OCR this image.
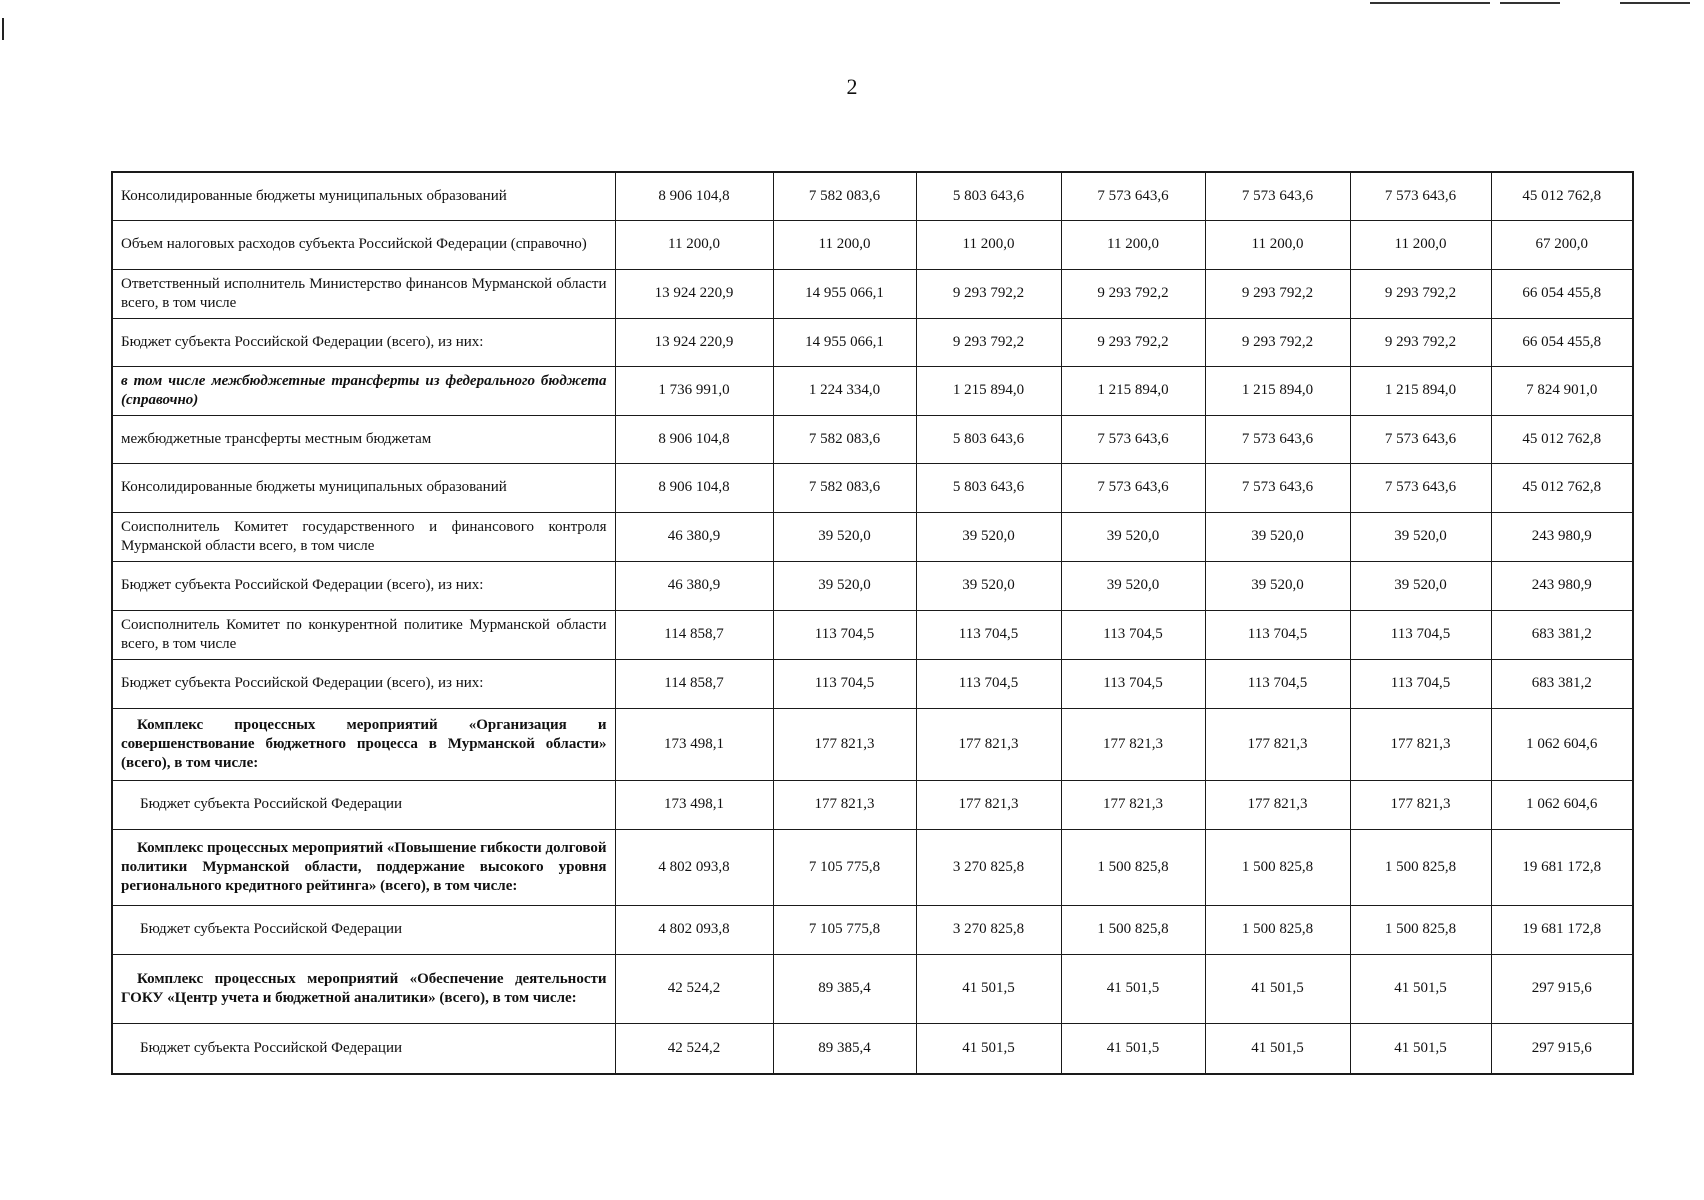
2
Консолидированные бюджеты муниципальных образований	8 906 104,8	7 582 083,6	5 803 643,6	7 573 643,6	7 573 643,6	7 573 643,6	45 012 762,8
Объем налоговых расходов субъекта Российской Федерации (справочно)	11 200,0	11 200,0	11 200,0	11 200,0	11 200,0	11 200,0	67 200,0
Ответственный исполнитель Министерство финансов Мурманской области всего, в том числе	13 924 220,9	14 955 066,1	9 293 792,2	9 293 792,2	9 293 792,2	9 293 792,2	66 054 455,8
Бюджет субъекта Российской Федерации (всего), из них:	13 924 220,9	14 955 066,1	9 293 792,2	9 293 792,2	9 293 792,2	9 293 792,2	66 054 455,8
в том числе межбюджетные трансферты из федерального бюджета (справочно)	1 736 991,0	1 224 334,0	1 215 894,0	1 215 894,0	1 215 894,0	1 215 894,0	7 824 901,0
межбюджетные трансферты местным бюджетам	8 906 104,8	7 582 083,6	5 803 643,6	7 573 643,6	7 573 643,6	7 573 643,6	45 012 762,8
Консолидированные бюджеты муниципальных образований	8 906 104,8	7 582 083,6	5 803 643,6	7 573 643,6	7 573 643,6	7 573 643,6	45 012 762,8
Соисполнитель Комитет государственного и финансового контроля Мурманской области всего, в том числе	46 380,9	39 520,0	39 520,0	39 520,0	39 520,0	39 520,0	243 980,9
Бюджет субъекта Российской Федерации (всего), из них:	46 380,9	39 520,0	39 520,0	39 520,0	39 520,0	39 520,0	243 980,9
Соисполнитель Комитет по конкурентной политике Мурманской области всего, в том числе	114 858,7	113 704,5	113 704,5	113 704,5	113 704,5	113 704,5	683 381,2
Бюджет субъекта Российской Федерации (всего), из них:	114 858,7	113 704,5	113 704,5	113 704,5	113 704,5	113 704,5	683 381,2
Комплекс процессных мероприятий «Организация и совершенствование бюджетного процесса в Мурманской области» (всего), в том числе:	173 498,1	177 821,3	177 821,3	177 821,3	177 821,3	177 821,3	1 062 604,6
Бюджет субъекта Российской Федерации	173 498,1	177 821,3	177 821,3	177 821,3	177 821,3	177 821,3	1 062 604,6
Комплекс процессных мероприятий «Повышение гибкости долговой политики Мурманской области, поддержание высокого уровня регионального кредитного рейтинга» (всего), в том числе:	4 802 093,8	7 105 775,8	3 270 825,8	1 500 825,8	1 500 825,8	1 500 825,8	19 681 172,8
Бюджет субъекта Российской Федерации	4 802 093,8	7 105 775,8	3 270 825,8	1 500 825,8	1 500 825,8	1 500 825,8	19 681 172,8
Комплекс процессных мероприятий «Обеспечение деятельности ГОКУ «Центр учета и бюджетной аналитики» (всего), в том числе:	42 524,2	89 385,4	41 501,5	41 501,5	41 501,5	41 501,5	297 915,6
Бюджет субъекта Российской Федерации	42 524,2	89 385,4	41 501,5	41 501,5	41 501,5	41 501,5	297 915,6
